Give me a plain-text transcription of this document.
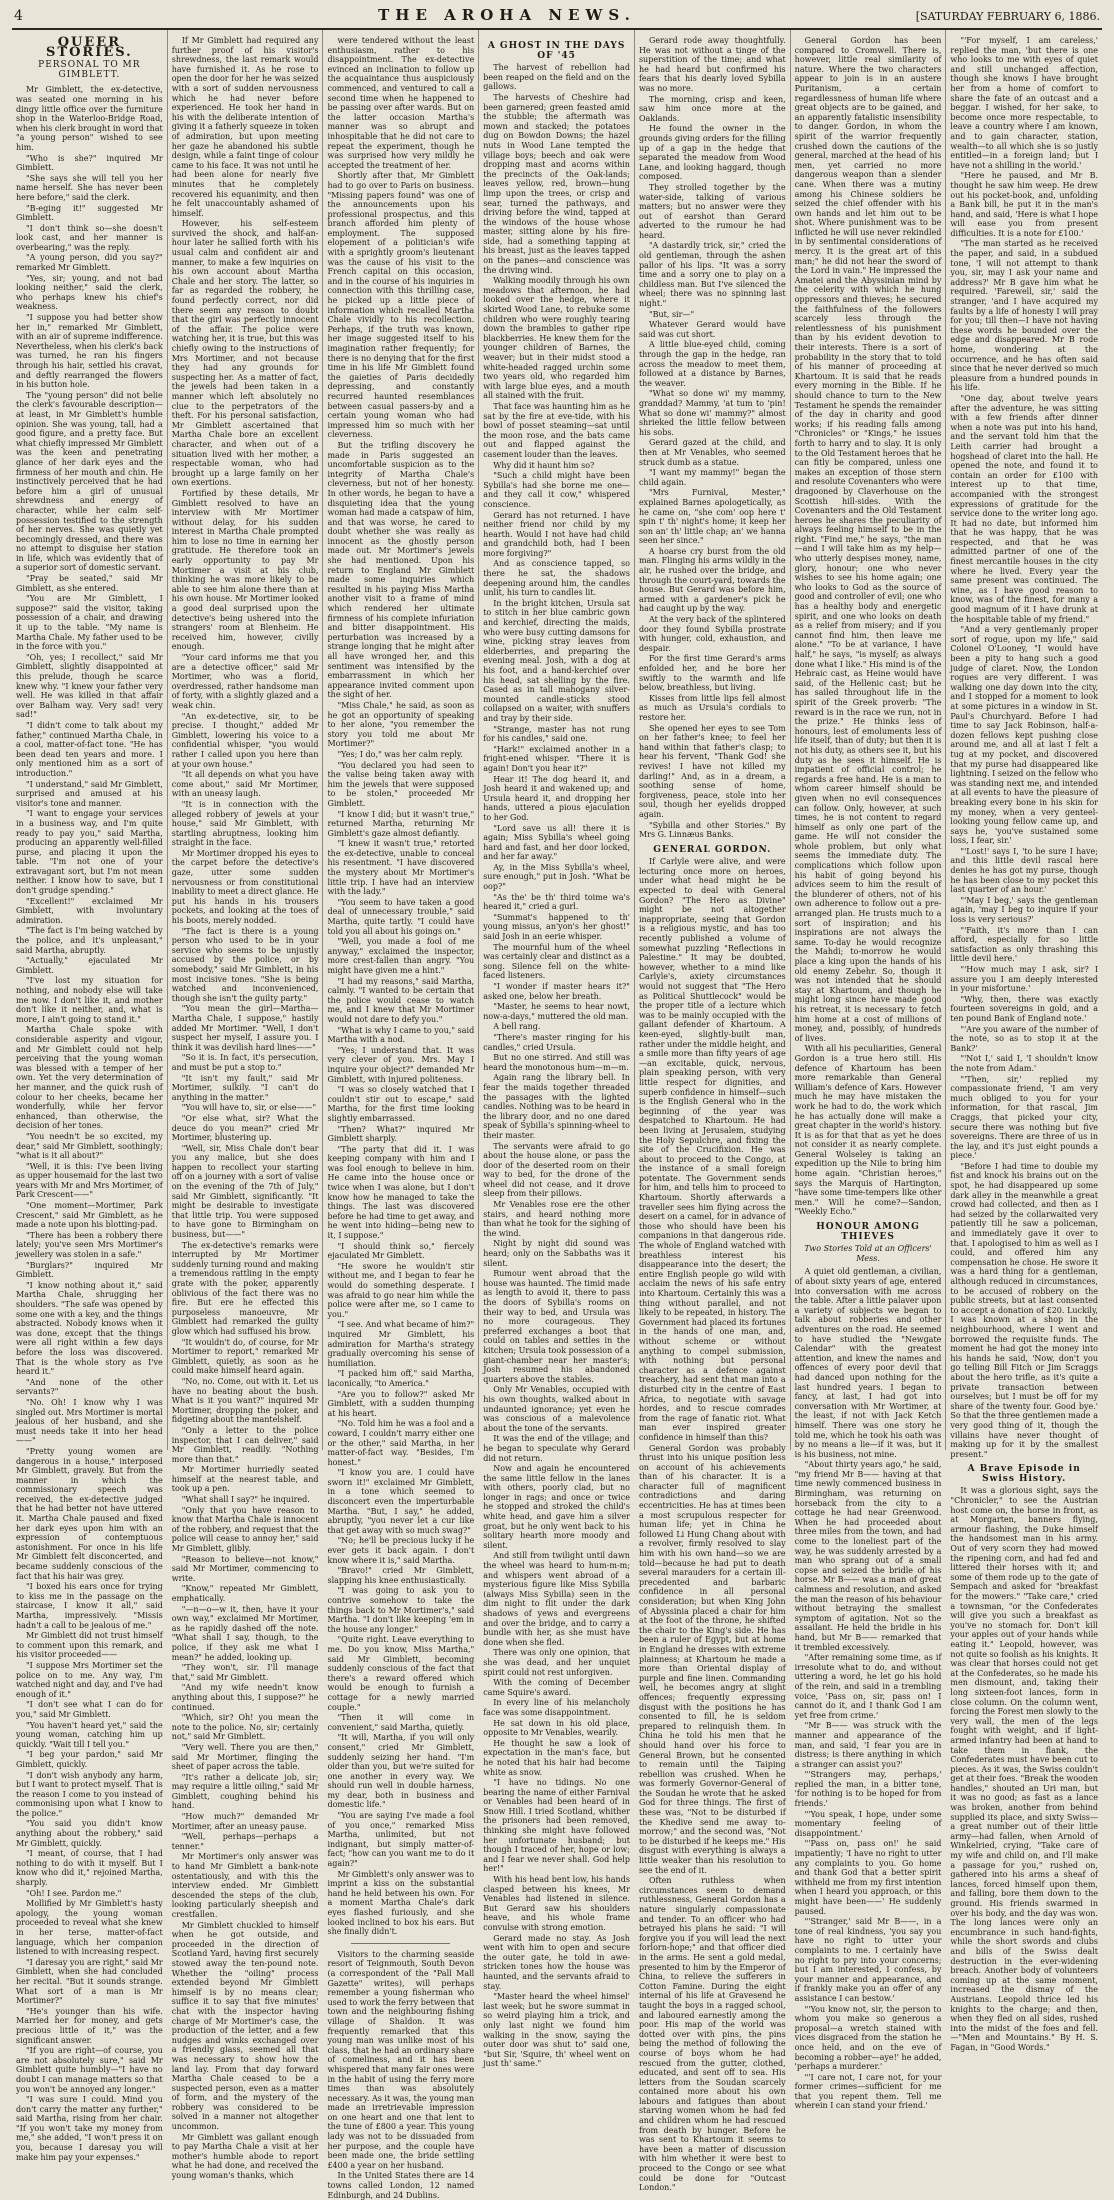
4	THE AROHA NEWS.	[SATURDAY FEBRUARY 6, 1886.
QUEER STORIES.
PERSONAL TO MR GIMBLETT.

Mr Gimblett, the ex-detective, was seated one morning in his dingy little office over the furniture shop in the Waterloo-Bridge Road, when his clerk brought in word that "a young person" wished to see him.

"Who is she?" inquired Mr Gimblett.

"She says she will tell you her name herself. She has never been here before," said the clerk.

"B-eging it!" suggested Mr Gimblett.

"I don't think so—she doesn't look cast, and her manner is overbearing," was the reply.

"A young person, did you say?" remarked Mr Gimblett.

"Yes, sir; young, and not bad looking neither," said the clerk, who perhaps knew his chief's weakness.

"I suppose you had better show her in," remarked Mr Gimblett, with an air of supreme indifference. Nevertheless, when his clerk's back was turned, he ran his fingers through his hair, settled his cravat, and deftly rearranged the flowers in his button hole.

The "young person" did not belie the clerk's favourable description—at least, in Mr Gimblett's humble opinion. She was young, tall, had a good figure, and a pretty face. But what chiefly impressed Mr Gimblett was the keen and penetrating glance of her dark eyes and the firmness of her mouth and chin. He instinctively perceived that he had before him a girl of unusual shrewdness and energy of character, while her calm self-possession testified to the strength of her nerves. She was quietly yet becomingly dressed, and there was no attempt to disguise her station in life, which was evidently that of a superior sort of domestic servant.

"Pray be seated," said Mr Gimblett, as she entered.

"You are Mr Gimblett, I suppose?" said the visitor, taking possession of a chair, and drawing it up to the table. "My name is Martha Chale. My father used to be in the force with you."

"Oh, yes; I recollect," said Mr Gimblett, slightly disappointed at this prelude, though he scarce knew why. "I knew your father very well. He was killed in that affair over Balham way. Very sad! very sad!"

"I didn't come to talk about my father," continued Martha Chale, in a cool, matter-of-fact tone. "He has been dead ten years and more. I only mentioned him as a sort of introduction."

"I understand," said Mr Gimblett, surprised and amused at his visitor's tone and manner.

"I want to engage your services in a business way, and I'm quite ready to pay you," said Martha, producing an apparently well-filled purse, and placing it upon the table. "I'm not one of your extravagant sort, but I'm not mean neither. I know how to save, but I don't grudge spending."

"Excellent!" exclaimed Mr Gimblett, with involuntary admiration.

"The fact is I'm being watched by the police, and it's unpleasant," said Martha, abruptly.

"Actually," ejaculated Mr Gimblett.

"I've lost my situation for nothing, and nobody else will take me now. I don't like it, and mother don't like it neither, and, what is more, I ain't going to stand it."

Martha Chale spoke with considerable asperity and vigour, and Mr Gimblett could not help perceiving that the young woman was blessed with a temper of her own. Yet the very determination of her manner, and the quick rush of colour to her cheeks, became her wonderfully, while her fervor enhanced, than otherwise, the decision of her tones.

"You needn't be so excited, my dear," said Mr Gimblett, soothingly; "what is it all about?"

"Well, it is this: I've been living as upper housemaid for the last two years with Mr and Mrs Mortimer, of Park Crescent——"

"One moment—Mortimer, Park Crescent," said Mr Gimblett, as he made a note upon his blotting-pad.

"There has been a robbery there lately; you've seen Mrs Mortimer's jewellery was stolen in a safe."

"Burglars?" inquired Mr Gimblett.

"I know nothing about it," said Martha Chale, shrugging her shoulders. "The safe was opened by some one with a key, and the things abstracted. Nobody knows when it was done, except that the things were all right within a few days before the loss was discovered. That is the whole story as I've heard it."

"And none of the other servants?"

"No. Oh! I know why I was singled out. Mrs Mortimer is mortal jealous of her husband, and she must needs take it into her head——"

"Pretty young women are dangerous in a house," interposed Mr Gimblett, gravely. But from the manner in which the commissionary speech was received, the ex-detective judged that he had better not have uttered it. Martha Chale paused and fixed her dark eyes upon him with an expression of contemptuous astonishment. For once in his life Mr Gimblett felt disconcerted, and became suddenly conscious of the fact that his hair was grey.

"I boxed his ears once for trying to kiss me in the passage on the staircase, I know it all," said Martha, impressively. "Missis hadn't a call to be jealous of me."

Mr Gimblett did not trust himself to comment upon this remark, and his visitor proceeded——

"I suppose Mrs Mortimer set the police on to me. Any way, I'm watched night and day, and I've had enough of it."

"I don't see what I can do for you," said Mr Gimblett.

"You haven't heard yet," said the young woman, catching him up quickly. "Wait till I tell you."

"I beg your pardon," said Mr Gimblett, quickly.

"I don't wish anybody any harm, but I want to protect myself. That is the reason I come to you instead of commonising upon what I know to the police."

"You said you didn't know anything about the robbery," said Mr Gimblett, quickly.

"I meant, of course, that I had nothing to do with it myself. But I know who did it," rejoined Martha, sharply.

"Oh! I see. Pardon me."

Mollified by Mr Gimblett's hasty apology, the young woman proceeded to reveal what she knew in her terse, matter-of-fact language, which her companion listened to with increasing respect.

"I daresay you are right," said Mr Gimblett, when she had concluded her recital. "But it sounds strange. What sort of a man is Mr Mortimer?"

"He's younger than his wife. Married her for money, and gets precious little of it," was the significant answer.

"If you are right—of course, you are not absolutely sure," said Mr Gimblett quite humbly—"I have no doubt I can manage matters so that you won't be annoyed any longer."

"I was sure I could. Mind you don't carry the matter any further," said Martha, rising from her chair. "If you won't take my money from me," she added, "I won't press it on you, because I daresay you will make him pay your expenses."

If Mr Gimblett had required any further proof of his visitor's shrewdness, the last remark would have furnished it. As he rose to open the door for her he was seized with a sort of sudden nervousness which he had never before experienced. He took her hand in his with the deliberate intention of giving it a fatherly squeeze in token of admiration, but upon meeting her gaze he abandoned his subtle design, while a faint tinge of colour came to his face. It was not until he had been alone for nearly five minutes that he completely recovered his equanimity, and then he felt unaccountably ashamed of himself.

However, his self-esteem survived the shock, and half-an-hour later he sallied forth with his usual calm and confident air and manner, to make a few inquiries on his own account about Martha Chale and her story. The latter, so far as regarded the robbery, he found perfectly correct, nor did there seem any reason to doubt that the girl was perfectly innocent of the affair. The police were watching her, it is true, but this was chiefly owing to the instructions of Mrs Mortimer, and not because they had any grounds for suspecting her. As a matter of fact, the jewels had been taken in a manner which left absolutely no clue to the perpetrators of the theft. For his personal satisfaction, Mr Gimblett ascertained that Martha Chale bore an excellent character, and when out of a situation lived with her mother, a respectable woman, who had brought up a large family on her own exertions.

Fortified by these details, Mr Gimblett resolved to have an interview with Mr Mortimer without delay, for his sudden interest in Martha Chale prompted him to lose no time in earning her gratitude. He therefore took an early opportunity to pay Mr Mortimer a visit at his club, thinking he was more likely to be able to see him alone there than at his own house. Mr Mortimer looked a good deal surprised upon the detective's being ushered into the strangers' room at Blenheim. He received him, however, civilly enough.

"Your card informs me that you are a detective officer," said Mr Mortimer, who was a florid, overdressed, rather handsome man of forty, with a slightly glazed and a weak chin.

"An ex-detective, sir, to be precise. I thought," added Mr Gimblett, lowering his voice to a confidential whisper, "you would rather I called upon you here than at your own house."

"It all depends on what you have come about," said Mr Mortimer, with an uneasy laugh.

"It is in connection with the alleged robbery of jewels at your house," said Mr Gimblett, with startling abruptness, looking him straight in the face.

Mr Mortimer dropped his eyes to the carpet before the detective's gaze, utter some sudden nervousness or from constitutional inability to meet a direct glance. He put his hands in his trousers pockets, and looking at the toes of his boots, merely nodded.

"The fact is there is a young person who used to be in your service who seems to be unjustly accused by the police, or by somebody," said Mr Gimblett, in his most incisive tones. "She is being watched and inconvenienced, though she isn't the guilty party."

"You mean the girl—Martha—Martha Chale, I suppose," hastily added Mr Mortimer. "Well, I don't suspect her myself, I assure you. I think it was devilish hard lines——"

"So it is. In fact, it's persecution, and must be put a stop to."

"It isn't my fault," said Mr Mortimer, sulkily. "I can't do anything in the matter."

"You will have to, sir, or else——"

"Or else what, sir? What the deuce do you mean?" cried Mr Mortimer, blustering up.

"Well, sir, Miss Chale don't bear you any malice, but she does happen to recollect your starting off on a journey with a sort of valise on the evening of the 7th of July," said Mr Gimblett, significantly. "It might be desirable to investigate that little trip. You were supposed to have gone to Birmingham on business, but——"

The ex-detective's remarks were interrupted by Mr Mortimer suddenly turning round and making a tremendous rattling in the empty grate with the poker, apparently oblivious of the fact there was no fire. But ere he effected this purposeless manoeuvre, Mr Gimblett had remarked the guilty glow which had suffused his brow.

"It wouldn't do, of course, for Mr Mortimer to report," remarked Mr Gimblett, quietly, as soon as he could make himself heard again.

"No, no. Come, out with it. Let us have no beating about the bush. What is it you want?" inquired Mr Mortimer, dropping the poker, and fidgeting about the mantelshelf.

"Only a letter to the police inspector, that I can deliver," said Mr Gimblett, readily. "Nothing more than that."

Mr Mortimer hurriedly seated himself at the nearest table, and took up a pen.

"What shall I say?" he inquired.

"Only that you have reason to know that Martha Chale is innocent of the robbery, and request that the police will cease to annoy her," said Mr Gimblett, glibly.

"Reason to believe—not know," said Mr Mortimer, commencing to write.

"Know," repeated Mr Gimblett, emphatically.

"—n—o—w it, then, have it your own way," exclaimed Mr Mortimer, as he rapidly dashed off the note. "What shall I say, though, to the police, if they ask me what I mean?" he added, looking up.

"They won't, sir. I'll manage that," said Mr Gimblett.

"And my wife needn't know anything about this, I suppose?" he continued.

"Which, sir? Oh! you mean the note to the police. No, sir; certainly not," said Mr Gimblett.

"Very well. There you are then," said Mr Mortimer, flinging the sheet of paper across the table.

"It's rather a delicate job, sir; may require a little oiling," said Mr Gimblett, coughing behind his hand.

"How much?" demanded Mr Mortimer, after an uneasy pause.

"Well, perhaps—perhaps a tenner."

Mr Mortimer's only answer was to hand Mr Gimblett a bank-note ostentatiously, and with this the interview ended. Mr Gimblett descended the steps of the club, looking particularly sheepish and crestfallen.

Mr Gimblett chuckled to himself when he got outside, and proceeded in the direction of Scotland Yard, having first securely stowed away the ten-pound note. Whether the "oiling" process extended beyond Mr Gimblett himself is by no means clear; suffice it to say that five minutes' chat with the inspector having charge of Mr Mortimer's case, the production of the letter, and a few nudges and winks exchanged over a friendly glass, seemed all that was necessary to show how the land lay. From that day forward Martha Chale ceased to be a suspected person, even as a matter of form, and the mystery of the robbery was considered to be solved in a manner not altogether uncommon.

Mr Gimblett was gallant enough to pay Martha Chale a visit at her mother's humble abode to report what he had done, and received the young woman's thanks, which

were tendered without the least enthusiasm, rather to his disappointment. The ex-detective evinced an inclination to follow up the acquaintance thus auspiciously commenced, and ventured to call a second time when he happened to be passing over after wards. But on the latter occasion Martha's manner was so abrupt and inhospitable that he did not care to repeat the experiment, though he was surprised how very mildly he accepted the treatment of her.

Shortly after that, Mr Gimblett had to go over to Paris on business. "Missing papers found" was one of the announcements upon his professional prospectus, and this branch afforded him plenty of employment. The supposed elopement of a politician's wife with a sprightly groom's lieutenant was the cause of his visit to the French capital on this occasion, and in the course of his inquiries in connection with this thrilling case, he picked up a little piece of information which recalled Martha Chale vividly to his recollection. Perhaps, if the truth was known, her image suggested itself to his imagination rather frequently; for there is no denying that for the first time in his life Mr Gimblett found the gaieties of Paris decidedly depressing, and constantly recurred haunted resemblances between casual passers-by and a certain young woman who had impressed him so much with her cleverness.

But the trifling discovery he made in Paris suggested an uncomfortable suspicion as to the integrity of Martha Chale's cleverness, but not of her honesty. In other words, he began to have a disquieting idea that the young woman had made a catspaw of him, and that was worse, he cared to doubt whether she was really as innocent as the ghostly person made out. Mr Mortimer's jewels she had mentioned. Upon his return to England Mr Gimblett made some inquiries which resulted in his paying Miss Martha another visit to a frame of mind which rendered her ultimate firmness of his complete infuriation and bitter disappointment. His perturbation was increased by a strange longing that he might after all have wronged her, and this sentiment was intensified by the embarrassment in which her appearance invited comment upon the sight of her.

"Miss Chale," he said, as soon as he got an opportunity of speaking to her alone, "you remember the story you told me about Mr Mortimer?"

"Yes; I do," was her calm reply.

"You declared you had seen to the valise being taken away with him the jewels that were supposed to be stolen," proceeded Mr Gimblett.

"I know I did; but it wasn't true," returned Martha, returning Mr Gimblett's gaze almost defiantly.

"I knew it wasn't true," retorted the ex-detective, unable to conceal his resentment. "I have discovered the mystery about Mr Mortimer's little trip. I have had an interview with the lady."

"You seem to have taken a good deal of unnecessary trouble," said Martha, quite tartly. "I could have told you all about his goings on."

"Well, you made a fool of me anyway," exclaimed the inspector, more crest-fallen than angry. "You might have given me a hint."

"I had my reasons," said Martha, calmly. "I wanted to be certain that the police would cease to watch me, and I knew that Mr Mortimer would not dare to defy you."

"What is why I came to you," said Martha with a nod.

"Yes; I understand that. It was very clever of you. Mrs. May I inquire your object?" demanded Mr Gimblett, with injured politeness.

"I was so closely watched that I couldn't stir out to escape," said Martha, for the first time looking slightly embarrassed.

"Then? What?" inquired Mr Gimblett sharply.

"The party that did it. I was keeping company with him and I was fool enough to believe in him. He came into the house once or twice when I was alone, but I don't know how he managed to take the things. The last was discovered before he had time to get away, and he went into hiding—being new to it, I suppose."

"I should think so," fiercely ejaculated Mr Gimblett.

"He swore he wouldn't stir without me, and I began to fear he would do something desperate. I was afraid to go near him while the police were after me, so I came to you."

"I see. And what became of him?" inquired Mr Gimblett, his admiration for Martha's strategy gradually overcoming his sense of humiliation.

"I packed him off," said Martha, laconically, "to America."

"Are you to follow?" asked Mr Gimblett, with a sudden thumping at his heart.

"No. Told him he was a fool and a coward, I couldn't marry either one or the other," said Martha, in her matter-of-fact way. "Besides, I'm honest."

"I know you are. I could have sworn it!" exclaimed Mr Gimblett, in a tone which seemed to disconcert even the imperturbable Martha. "But, I say," he added, abruptly, "you never let a cur like that get away with so much swag?"

"No; he'll be precious lucky if he ever gets it back again. I don't know where it is," said Martha.

"Bravo!" cried Mr Gimblett, slapping his knee enthusiastically.

"I was going to ask you to contrive somehow to take the things back to Mr Mortimer's," said Martha. "I don't like keeping 'em in the house any longer."

"Quite right. Leave everything to me. Do you know, Miss Martha," said Mr Gimblett, becoming suddenly conscious of the fact that there's a reward offered which would be enough to furnish a cottage for a newly married couple."

"Then it will come in convenient," said Martha, quietly.

"It will, Martha, if you will only consent," cried Mr Gimblett, suddenly seizing her hand. "I'm older than you, but we're suited for one another in every way. We should run well in double harness, my dear, both in business and domestic life."

"You are saying I've made a fool of you once," remarked Miss Martha, unlimited, but not indignant, but simply matter-of-fact; "how can you want me to do it again?"

Mr Gimblett's only answer was to imprint a kiss on the substantial hand he held between his own. For a moment Martha Chale's dark eyes flashed furiously, and she looked inclined to box his ears. But she finally didn't.

Visitors to the charming seaside resort of Teignmouth, South Devon (a correspondent of the "Pall Mall Gazette" writes), will perhaps remember a young fisherman who used to work the ferry between that town and the neighbouring fishing village of Shaldon. It was frequently remarked that this young man was unlike most of his class, that he had an ordinary share of comeliness, and it has been whispered that many fair ones were in the habit of using the ferry more times than was absolutely necessary. As it was, the young man made an irretrievable impression on one heart and one that lent to the tune of £800 a year. This young lady was not to be dissuaded from her purpose, and the couple have been made one, the bride settling £400 a year on her husband.

In the United States there are 14 towns called London, 12 named Edinburgh, and 24 Dublins.

A GHOST IN THE DAYS OF '45

The harvest of rebellion had been reaped on the field and on the gallows.

The harvests of Cheshire had been garnered; green feasted amid the stubble; the aftermath was mown and stacked; the potatoes dug on Bowdon Downs; the hazel nuts in Wood Lane tempted the village boys; beech and oak were dropping mast and acorns within the precincts of the Oak-lands; leaves yellow, red, brown—hung limp upon the trees, or crisp and sear, turned the pathways, and driving before the wind, tapped at the windows of the house whose master, sitting alone by his fire-side, had a something tapping at his breast, just as the leaves tapped on the panes—and conscience was the driving wind.

Walking moodily through his own meadows that afternoon, he had looked over the hedge, where it skirted Wood Lane, to rebuke some children who were roughly tearing down the brambles to gather ripe blackberries. He knew them for the younger children of Barnes, the weaver; but in their midst stood a white-headed ragged urchin some two years old, who regarded him with large blue eyes, and a mouth all stained with the fruit.

That face was haunting him as he sat by the fire at eve-tide, with his bowl of posset steaming—sat until the moon rose, and the bats came out and flapped against the casement louder than the leaves.

Why did it haunt him so?

"Such a child might have been Sybilla's had she borne me one—and they call it cow," whispered conscience.

Gerard has not returned. I have neither friend nor child by my hearth. Would I not have had child and grandchild both, had I been more forgiving?"

And as conscience tapped, so there he sat, the shadows deepening around him, the candles unlit, his turn to candles lit.

In the bright kitchen, Ursula sat to stitch in her blue cambric gown and kerchief, directing the maids, who were busy cutting damsons for wine, picking stray leaves from elderberries, and preparing the evening meal. Josh, with a dog at his foot, and a hand-kerchief over his head, sat shelling by the fire. Cased as in tall mahogany silver-mounted candle-sticks stood collapsed on a waiter, with snuffers and tray by their side.

"Strange, master has not rung for his candles," said one.

"Hark!" exclaimed another in a fright-ened whisper. "There it is again! Don't you hear it?"

Hear it! The dog heard it, and Josh heard it and wakened up; and Ursula heard it, and dropping her hands, uttered a pious ejaculation to her God.

"Lord save us all! there it is again; Miss Sybilla's wheel going hard and fast, and her door locked, and her far away."

Ay, in the Miss Sybilla's wheel, sure enough," put in Josh. "What be oop?"

"As the' be th' third toime wa's heared it," cried a gurl.

"Summat's happened to th' young missus, an'yon's her ghost!" said Josh in an eerie whisper.

The mournful hum of the wheel was certainly clear and distinct as a song. Silence fell on the white-faced listeners.

"I wonder if master hears it?" asked one, below her breath.

"Master, he seems to hear nowt, now-a-days," muttered the old man.

A bell rang.

"There's master ringing for his candles," cried Ursula.

But no one stirred. And still was heard the monotonous hum—m—m.

Again rang the library bell. In fear the maids together threaded the passages with the lighted candles. Nothing was to be heard in the library door, and no one dared speak of Sybilla's spinning-wheel to their master.

The servants were afraid to go about the house alone, or pass the door of the deserted room on their way to bed, for the drone of the wheel did not cease, and it drove sleep from their pillows.

Mr Venables rose ere the other stairs, and heard nothing more than what he took for the sighing of the wind.

Night by night did sound was heard; only on the Sabbaths was it silent.

Rumour went abroad that the house was haunted. The timid made as length to avoid it, there to pass the doors of Sybilla's rooms on their way to bed, and Ursula was no more courageous. They preferred exchanges a boot that could on tables and settles in the kitchen; Ursula took possession of a giant-chamber near her master's; Josh resumed his abandoned quarters above the stables.

Only Mr Venables, occupied with his own thoughts, walked about in undaunted ignorance; yet even he was conscious of a malevolence about the tone of the servants.

It was the end of the village; and he began to speculate why Gerard did not return.

Now and again he encountered the same little fellow in the lanes with others, poorly clad, but no longer in rags; and once or twice he stopped and stroked the child's white head, and gave him a silver groat, but he only went back to his solitary hearth more moody and silent.

And still from twilight until dawn the wheel was heard to hum-m-m; and whispers went abroad of a mysterious figure like Miss Sybilla (always Miss Sybilla) seen in the dim night to flit under the dark shadows of yews and evergreens and over the bridge, and to carry a bundle with her, as she must have done when she fled.

There was only one opinion, that she was dead, and her unquiet spirit could not rest unforgiven.

With the coming of December came Squire's award.

In every line of his melancholy face was some disappointment.

He sat down in his old place, opposite to Mr Venables, wearily.

He thought he saw a look of expectation in the man's face, but he noted that his hair had become white as snow.

"I have no tidings. No one bearing the name of either Farnival or Venables had been heard of in Snow Hill. I tried Scotland, whither the prisoners had been removed, thinking she might have followed her unfortunate husband; but though I traced of her, hope or low; and I fear we never shall. God help her!"

With his head bent low, his hands clasped between his knees, Mr Venables had listened in silence. But Gerard saw his shoulders heave, and his whole frame convulse with strong emotion.

Gerard made no stay. As Josh went with him to open and secure the outer gate, he told in awe-stricken tones how the house was haunted, and the servants afraid to stay.

"Master heard the wheel himsel' last week; but he swore summat in so weird playing him a trick, and only last night we found him walking in the snow, saying the outer door was shut to" said one, "but Sir, 'Squire, th' wheel went on just th' same."

Gerard rode away thoughtfully. He was not without a tinge of the superstition of the time; and what he had heard but confirmed his fears that his dearly loved Sybilla was no more.

The morning, crisp and keen, saw him once more at the Oaklands.

He found the owner in the grounds giving orders for the filling up of a gap in the hedge that separated the meadow from Wood Lane, and looking haggard, though composed.

They strolled together by the water-side, talking of various matters; but no answer were they out of earshot than Gerard adverted to the rumour he had heard.

"A dastardly trick, sir," cried the old gentleman, through the ashen pallor of his lips. "It was a sorry time and a sorry one to play on a childless man. But I've silenced the wheel; there was no spinning last night."

"But, sir—"

Whatever Gerard would have said was cut short.

A little blue-eyed child, coming through the gap in the hedge, ran across the meadow to meet them, followed at a distance by Barnes, the weaver.

"What so done wi' my mammy, granddad? Mammy, 'at tum to 'pin! What so done wi' mammy?" almost shrieked the little fellow between his sobs.

Gerard gazed at the child, and then at Mr Venables, who seemed struck dumb as a statue.

"I want my mammy!" began the child again.

"Mrs Furnival, Mester," explained Barnes apologetically, as he came on, "she com' oop here t' spin t' th' night's home; it keep her son an' th' little chap; an' we hanna seen her since."

A hoarse cry burst from the old man. Flinging his arms wildly in the air, he rushed over the bridge, and through the court-yard, towards the house. But Gerard was before him, armed with a gardener's pick he had caught up by the way.

At the very back of the splintered door they found Sybilla prostrate with hunger, cold, exhaustion, and despair.

For the first time Gerard's arms enfolded her, and he bore her swiftly to the warmth and life below, breathless, but living.

Kisses from little lips fell almost as much as Ursula's cordials to restore her.

She opened her eyes to see Tom on her father's knee; to feel her hand within that father's clasp; to hear his fervent, "Thank God! she revives! I have not killed my darling!" And, as in a dream, a soothing sense of home, forgiveness, peace, stole into her soul, though her eyelids dropped again.

"Sybilla and other Stories." By Mrs G. Linnæus Banks.

GENERAL GORDON.

If Carlyle were alive, and were lecturing once more on heroes, under what head might he be expected to deal with General Gordon? "The Hero as Divine" might be not altogether inappropriate, seeing that Gordon is a religious mystic, and has too recently published a volume of somewhat puzzling "Reflections in Palestine." It may be doubted, however, whether to a mind like Carlyle's, axiety circumstances would not suggest that "The Hero as Political Shuttlecock" would be the proper title of a lecture which was to be mainly occupied with the gallant defender of Khartoum. A keen-eyed, slightly-built man, rather under the middle height, and a smile more than fifty years of age—an excitable, quick, nervous, plain speaking person, with very little respect for dignities, and superb confidence in himself—such is the English General who in the beginning of the year was despatched to Khartoum. He had been living at Jerusalem, studying the Holy Sepulchre, and fixing the site of the Crucifixion. He was about to proceed to the Congo, at the instance of a small foreign potentate. The Government sends for him, and tells him to proceed to Khartoum. Shortly afterwards a traveller sees him flying across the desert on a camel, for in advance of those who should have been his companions in that dangerous ride. The whole of England watched with breathless interest his disappearance into the desert; the entire English people go wild with acclaim the news of his safe entry into Khartoum. Certainly this was a thing without parallel, and not likely to be repeated, in history. The Government had placed its fortunes in the hands of one man, and, without scheme or without anything to compel submission, with nothing but personal character as a defence against treachery, had sent that man into a disturbed city in the centre of East Africa, to negotiate with savage hordes, and to rescue comrades from the rage of fanatic riot. What man ever inspired greater confidence in himself than this?

General Gordon was probably thrust into his unique position less on account of his achievements than of his character. It is a character full of magnificent contradictions and daring eccentricities. He has at times been a most scrupulous respecter for human life; yet in China he followed Li Hung Chang about with a revolver, firmly resolved to slay him with his own hand—so we are told—because he had put to death several marauders for a certain ill-precedented and barbaric confidence in all personal consideration; but when King John of Abyssinia placed a chair for him at the foot of the throne, he shifted the chair to the King's side. He has been a ruler of Egypt, but at home in England he dresses with extreme plainness; at Khartoum he made a more than Oriental display of purple and fine linen. Commanding well, he becomes angry at slight offences; frequently expressing disgust with the positions he has consented to fill, he is seldom prepared to relinquish them. In China he told his men that he should hand over his force to General Brown, but he consented to remain until the Taiping rebellion was crushed. When he was formerly Governor-General of the Soudan he wrote that he asked God for three things. The first of these was, "Not to be disturbed if the Khedive send me away to-morrow;" and the second was, "Not to be disturbed if he keeps me." His disgust with everything is always a little weaker than his resolution to see the end of it.

Often ruthless when circumstances seem to demand ruthlessness, General Gordon has a nature singularly compassionate and tender. To an officer who had betrayed his plans he said: "I will forgive you if you will lead the next forlorn-hope;" and that officer died in the arms. He sent a gold medal, presented to him by the Emperor of China, to relieve the sufferers in Cotton Famine. During the eight internal of his life at Gravesend he taught the boys in a ragged school, and laboured earnestly among the poor. His map of the world was dotted over with pins, the pins being the method of following the course of boys whom he had rescued from the gutter, clothed, educated, and sent off to sea. His letters from the Soudan scarcely contained more about his own labours and fatigues than about starving women whom he had fed and children whom he had rescued from death by hunger. Before he was sent to Khartoum it seems to have been a matter of discussion with him whether it were best to proceed to the Congo or see what could be done for "Outcast London."

General Gordon has been compared to Cromwell. There is, however, little real similarity of nature. Where the two characters appear to join is in an austere Puritanism, a certain regardlessness of human life where great objects are to be gained, and an apparently fatalistic insensibility to danger. Gordon, in whom the spirit of the warrior frequently crushed down the cautions of the general, marched at the head of his men, yet carried no more dangerous weapon than a slender cane. When there was a mutiny among his Chinese soldiers he seized the chief offender with his own hands and let him out to be shot. Where punishment was to be inflicted he will use never rekindled in by sentimental considerations of mercy. It is the great art of this man;" he did not hear the sword of the Lord in vain." He impressed the Amatei and the Abyssinian mind by the celerity with which he hung oppressors and thieves; he secured the faithfulness of the followers scarcely less through the relentlessness of his punishment than by his evident devotion to their interests. There is a sort of probability in the story that to told of his manner of proceeding at Khartoum. It is said that he reads every morning in the Bible. If he should chance to turn to the New Testament he spends the remainder of the day in charity and good works; if his reading falls among "Chronicles" or "Kings," he issues forth to harry and to slay. It is only to the Old Testament heroes that he can fitly be compared, unless one makes an exception of those stern and resolute Covenanters who were dragooned by Claverhouse on the Scottish hill-sides. With the Covenanters and the Old Testament heroes he shares the peculiarity of always feeling himself to be in the right. "Find me," he says, "the man—and I will take him as my help—who utterly despises money, name, glory, honour; one who never wishes to see his home again; one who looks to God as the source of good and controller of evil; one who has a healthy body and energetic spirit, and one who looks on death as a relief from misery; and if you cannot find him, then leave me alone." "To be at variance, I have half," he says, "is myself; as always done what I like." His mind is of the Hebraic cast, as Heine would have said, of the Hellenic cast; but he has sailed throughout life in the spirit of the Greek proverb: "The reward is in the race we run, not in the prize." He thinks less of honours, lest of emoluments less of life itself, than of duty; but then it is not his duty, as others see it, but his duty as he sees it himself. He is impatient of official control; he regards a free hand. He is a man to whom career himself should be given when no evil consequences can follow. Only, however, at such times, he is not content to regard himself as only one part of the game. He will not consider the whole problem, but only what seems the immediate duty. The complications which follow upon his habit of going beyond his advices seem to him the result of the blunderer of others, not of his own adherence to follow out a pre-arranged plan. He trusts much to a sort of inspiration; and his inspirations are not always the same. To-day he would recognize the Mahdi; to-morrow he would place a king upon the hands of his old enemy Zebehr. So, though it was not intended that he should stay at Khartoum, and though he might long since have made good his retreat, it is necessary to fetch him home at a cost of millions of money, and, possibly, of hundreds of lives.

With all his peculiarities, General Gordon is a true hero still. His defence of Khartoum has been more remarkable than General William's defence of Kars. However much he may have mistaken the work he had to do, the work which he has actually done will make a great chapter in the world's history. It is as for that that as yet he does not consider it as nearly complete. General Wolseley is taking an expedition up the Nile to bring him home again. "Christian heroes," says the Marquis of Hartington, "have some time-tempers like other men." Will he come?—Sandon, "Weekly Echo."

HONOUR AMONG THIEVES
Two Stories Told at an Officers' Mess.

A quiet old gentleman, a civilian, of about sixty years of age, entered into conversation with me across the table. After a little palaver upon a variety of subjects we began to talk about robberies and other adventures on the road. He seemed to have studied the "Newgate Calendar" with the greatest attention, and knew the names and offences of every poor devil that had danced upon nothing for the last hundred years. I began to fancy, at last, I had got into conversation with Mr Wortimer, at the least, if not with Jack Ketch himself. There was one story he told me, which he took his oath was by no means a lie—if it was, but it is his business, not mine.

"About thirty years ago," he said, "my friend Mr B—— having at that time newly commenced business in Birmingham, was returning on horseback from the city to a cottage he had near Greenwood. When he had proceeded about three miles from the town, and had come to the loneliest part of the way, he was suddenly arrested by a man who sprang out of a small copse and seized the bridle of his horse. Mr B—— was a man of great calmness and resolution, and asked the man the reason of his behaviour without betraying the smallest symptom of agitation. Not so the assailant. He held the bridle in his hand, but Mr B—— remarked that it trembled excessively.

"After remaining some time, as if irresolute what to do, and without uttering a word, he let go his hold of the rein, and said in a trembling voice, 'Pass on, sir, pass on! I cannot do it, and I thank God I am yet free from crime.'

"Mr B—— was struck with the manner and appearance of the man, and said, 'I fear you are in distress; is there anything in which a stranger can assist you?'

"'Strangers may, perhaps,' replied the man, in a bitter tone, 'for nothing is to be hoped for from friends.'

"'You speak, I hope, under some momentary feeling of disappointment.'

"'Pass on, pass on!' he said impatiently; 'I have no right to utter any complaints to you. Go home and thank God that a better spirit withheld me from my first intention when I heard you approach, or this might have been——' He suddenly paused.

"'Stranger,' said Mr B——, in a tone of real kindness, 'you say you have no right to utter your complaints to me. I certainly have no right to pry into your concerns; but I am interested, I confess, by your manner and appearance, and if frankly make you an offer of any assistance I can bestow.'

"'You know not, sir, the person to whom you make so generous a proposal—a wretch stained with vices disgraced from the station he once held, and on the eve of becoming a robber—aye!' he added, 'perhaps a murderer.'

"'I care not, I care not, for your former crimes—sufficient for me that you repent them. Tell me wherein I can stand your friend.'

"'For myself, I am careless,' replied the man, 'but there is one who looks to me with eyes of quiet and still unchanged affection, though she knows I have brought her from a home of comfort to share the fate of an outcast and a beggar. I wished, for her sake, to become once more respectable, to leave a country where I am known, and to gain character, station, wealth—to all which she is so justly entitled—in a foreign land; but I have not a shilling in the world.'

"Here he paused, and Mr B. thought he saw him weep. He drew out his pocket-book, and, unfolding a Bank bill, he put it in the man's hand, and said, 'Here is what I hope will ease you from present difficulties. It is a note for £100.'

"The man started as he received the paper, and said, in a subdued tone, 'I will not attempt to thank you, sir, may I ask your name and address?' Mr B gave him what he required. 'Farewell, sir,' said the stranger, 'and I have acquired my faults by a life of honesty I will pray for you; till then—I have not having these words he bounded over the edge and disappeared. Mr B rode home, wondering at the occurrence, and he has often said since that he never derived so much pleasure from a hundred pounds in his life.

"One day, about twelve years after the adventure, he was sitting with a few friends after dinner when a note was put into his hand, and the servant told him that the Leith carrier had brought a hogshead of claret into the hall. He opened the note, and found it to contain an order for £100 with interest up to that time, accompanied with the strongest expressions of gratitude for the service done to the writer long ago. It had no date, but informed him that he was happy, that he was respected, and that he was admitted partner of one of the finest mercantile houses in the city where he lived. Every year the same present was continued. The wine, as I have good reason to know, was of the finest, for many a good magnum of it I have drunk at the hospitable table of my friend."

"And a very gentlemanly proper sort of rogue, upon my life," said Colonel O'Looney, "I would have been a pity to hang such a good judge of claret. Now, the London rogues are very different. I was walking one day down into the city, and I stopped for a moment to look at some pictures in a window in St. Paul's Churchyard. Before I had time to say Jack Robinson, half-a-dozen fellows kept pushing close around me, and all at last I felt a tug at my pocket, and discovered that my purse had disappeared like lightning. I seized on the fellow who was standing next me, and intended at all events to have the pleasure of breaking every bone in his skin for my money, when a very genteel-looking young fellow came up, and says he, 'you've sustained some loss, I fear, sir.'

"'Lost!' says I, 'to be sure I have; and this little devil rascal here denies he has got my purse, though he has been close to my pocket this last quarter of an hour.'

"'May I beg,' says the gentleman again, 'may I beg to inquire if your loss is very serious?'

"'Faith, it's more than I can afford, especially for so little satisfaction as only thrashing this little devil here.'

"'How much may I ask, sir? I assure you I am deeply interested in your misfortune.'

"Why, then, there was exactly fourteen sovereigns in gold, and a ten pound Bank of England note.'

"'Are you aware of the number of the note, so as to stop it at the Bank?'

"'Not I,' said I, 'I shouldn't know the note from Adam.'

"'Then, sir,' replied my compassionate friend, 'I am very much obliged to you for your information, for that rascal, Jim Craggs, that picked your city, secure there was nothing but five sovereigns. There are three of us in the lay, and it's just eight pounds a piece.'

"Before I had time to double my fist and knock his brains out on the spot, he had disappeared up some dark alley in the meanwhile a great crowd had collected, and then as I had seized by the collarwaited very patiently till he saw a policeman, and immediately gave it over to that. I apologised to him as well as I could, and offered him any compensation he chose. He swore it was a hard thing for a gentleman, although reduced in circumstances, to be accused of robbery on the public streets, but at last consented to accept a donation of £20. Luckily, I was known at a shop in the neighbourhood, where I went and borrowed the requisite funds. The moment he had got the money into his hands he said, 'Now, don't you go telling Bill Fitch or Jim Scraggs about the hero trifle, as it's quite a private transaction between ourselves; but I must be off for my share of the twenty four. Good bye.' So that the three gentlemen made a very good thing of it, though the villains have never thought of making up for it by the smallest present."

A Brave Episode in Swiss History.

It was a glorious sight, says the "Chronicler," to see the Austrian host come on, the horse in front, as at Morgarten, banners flying, armour flashing, the Duke himself the handsomest man in his army. Out of very scorn they had mowed the ripening corn, and had fed and littered their horses with it; and some of them rode up to the gate of Sempach and asked for "breakfast for the mowers." "Take care," cried a townsman, "or the Confederates will give you such a breakfast as you've no stomach for. Don't kill your apples out of your hands while eating it." Leopold, however, was not quite so foolish as his knights. It was clear that horses could not get at the Confederates, so he made his men dismount, and, taking their long sixteen-foot lances, form in close column. On the column went, forcing the Forest men slowly to the very wall, the men of the legs fought with weight, and if light-armed infantry had been at hand to take them in flank, the Confederates must have been cut to pieces. As it was, the Swiss couldn't get at their foes. "Break the wooden handles," shouted an Uri man, but it was no good; as fast as a lance was broken, another from behind supplied its place, and sixty Swiss—a great number out of their little army—had fallen, when Arnold of Winkelried, crying, "Take care of my wife and child on, and I'll make a passage for you," rushed on, gathered into his arms a sheaf of lances, forced himself upon them, and falling, bore them down to the ground. His friends swarmed in over his body, and the day was won. The long lances were only an encumbrance in such hand-fights, while the short swords and clubs and bills of the Swiss dealt destruction in the ever-widening breach. Another body of volunteers coming up at the same moment, increased the dismay of the Austrians. Leopold thrice led his knights to the charge; and then, when they fled on all sides, rushed into the midst of the foes and fell.—"Men and Mountains." By H. S. Fagan, in "Good Words."
